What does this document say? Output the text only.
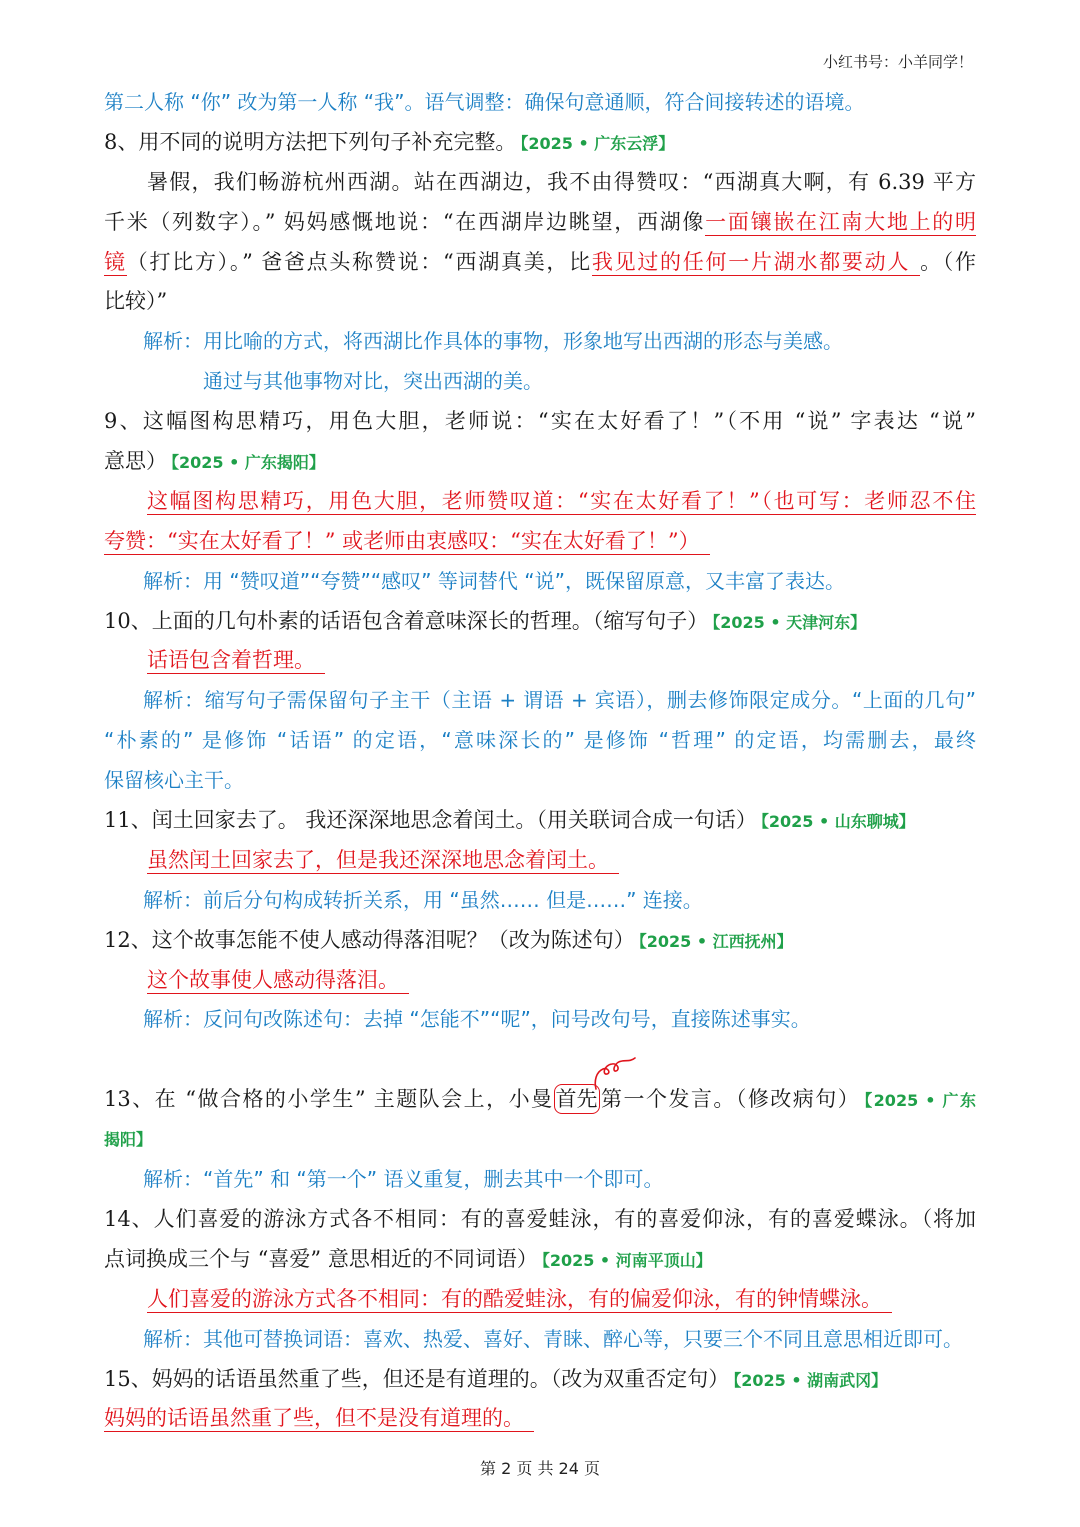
小红书号：小羊同学！
第二人称 “你” 改为第一人称 “我”。语气调整：确保句意通顺，符合间接转述的语境。
8、用不同的说明方法把下列句子补充完整。 【2025 • 广东云浮】
暑假，我们畅游杭州西湖。站在西湖边，我不由得赞叹：“西湖真大啊，有 6.39 平方
千米（列数字）。” 妈妈感慨地说：“在西湖岸边眺望，西湖像一面镶嵌在江南大地上的明
镜（打比方）。” 爸爸点头称赞说：“西湖真美，比我见过的任何一片湖水都要动人 。（作
比较）”
解析：用比喻的方式，将西湖比作具体的事物，形象地写出西湖的形态与美感。
通过与其他事物对比，突出西湖的美。
9、这幅图构思精巧，用色大胆，老师说：“实在太好看了！”（不用 “说” 字表达 “说”
意思） 【2025 • 广东揭阳】
这幅图构思精巧，用色大胆，老师赞叹道：“实在太好看了！”（也可写：老师忍不住
夸赞：“实在太好看了！” 或老师由衷感叹：“实在太好看了！”）
解析：用 “赞叹道”“夸赞”“感叹” 等词替代 “说”，既保留原意，又丰富了表达。
10、上面的几句朴素的话语包含着意味深长的哲理。（缩写句子） 【2025 • 天津河东】
话语包含着哲理。
解析：缩写句子需保留句子主干（主语 + 谓语 + 宾语），删去修饰限定成分。“上面的几句”
“朴素的” 是修饰 “话语” 的定语，“意味深长的” 是修饰 “哲理” 的定语，均需删去，最终
保留核心主干。
11、闰土回家去了。 我还深深地思念着闰土。（用关联词合成一句话） 【2025 • 山东聊城】
虽然闰土回家去了，但是我还深深地思念着闰土。
解析：前后分句构成转折关系，用 “虽然…… 但是……” 连接。
12、这个故事怎能不使人感动得落泪呢？（改为陈述句） 【2025 • 江西抚州】
这个故事使人感动得落泪。
解析：反问句改陈述句：去掉 “怎能不”“呢”，问号改句号，直接陈述事实。
13、在 “做合格的小学生” 主题队会上，小曼首先
第一个发言。（修改病句） 【2025 • 广东
揭阳】
解析：“首先” 和 “第一个” 语义重复，删去其中一个即可。
14、人们喜爱的游泳方式各不相同：有的喜爱蛙泳，有的喜爱仰泳，有的喜爱蝶泳。（将加
点词换成三个与 “喜爱” 意思相近的不同词语） 【2025 • 河南平顶山】
人们喜爱的游泳方式各不相同：有的酷爱蛙泳，有的偏爱仰泳，有的钟情蝶泳。
解析：其他可替换词语：喜欢、热爱、喜好、青睐、醉心等，只要三个不同且意思相近即可。
15、妈妈的话语虽然重了些，但还是有道理的。（改为双重否定句） 【2025 • 湖南武冈】
妈妈的话语虽然重了些，但不是没有道理的。
第 2 页 共 24 页
